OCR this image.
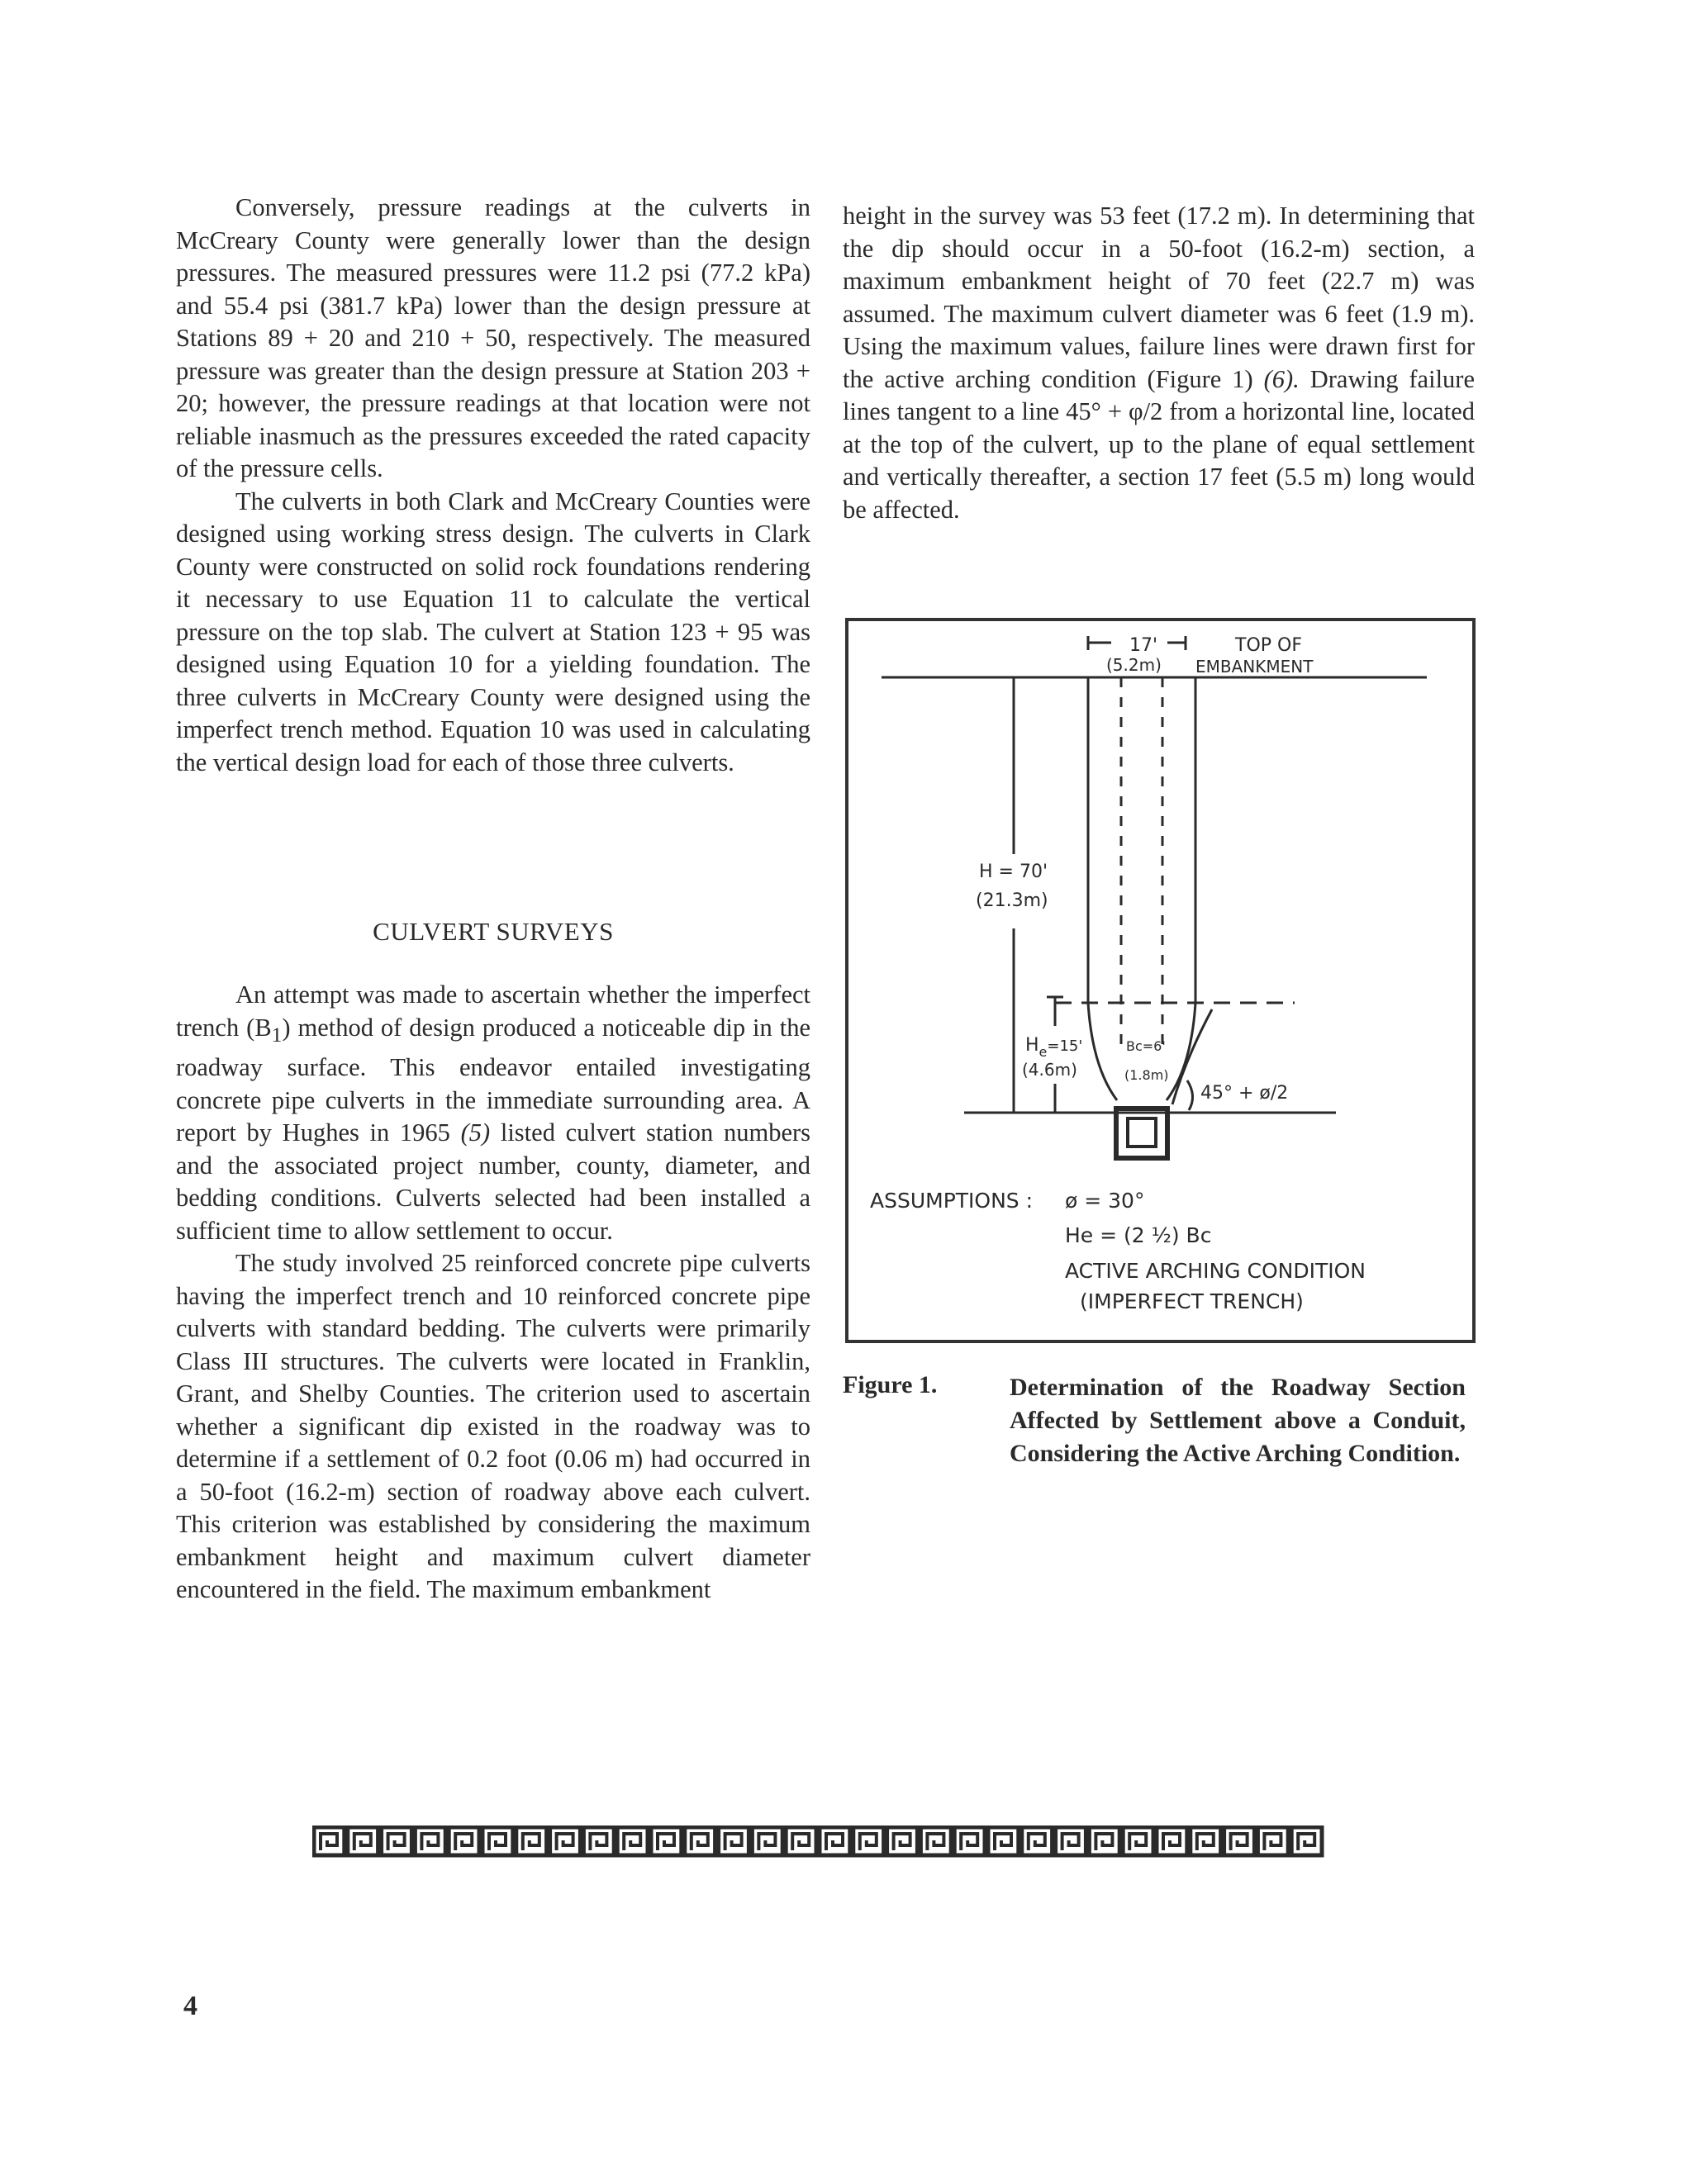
Conversely, pressure readings at the culverts in McCreary County were generally lower than the design pressures. The measured pressures were 11.2 psi (77.2 kPa) and 55.4 psi (381.7 kPa) lower than the design pressure at Stations 89 + 20 and 210 + 50, respectively. The measured pressure was greater than the design pressure at Station 203 + 20; however, the pressure readings at that location were not reliable inasmuch as the pressures exceeded the rated capacity of the pressure cells.

The culverts in both Clark and McCreary Counties were designed using working stress design. The culverts in Clark County were constructed on solid rock foundations rendering it necessary to use Equation 11 to calculate the vertical pressure on the top slab. The culvert at Station 123 + 95 was designed using Equation 10 for a yielding foundation. The three culverts in McCreary County were designed using the imperfect trench method. Equation 10 was used in calculating the vertical design load for each of those three culverts.

CULVERT SURVEYS

An attempt was made to ascertain whether the imperfect trench $(B_1)$ method of design produced a noticeable dip in the roadway surface. This endeavor entailed investigating concrete pipe culverts in the immediate surrounding area. A report by Hughes in 1965 (5) listed culvert station numbers and the associated project number, county, diameter, and bedding conditions. Culverts selected had been installed a sufficient time to allow settlement to occur.

The study involved 25 reinforced concrete pipe culverts having the imperfect trench and 10 reinforced concrete pipe culverts with standard bedding. The culverts were primarily Class III structures. The culverts were located in Franklin, Grant, and Shelby Counties. The criterion used to ascertain whether a significant dip existed in the roadway was to determine if a settlement of 0.2 foot (0.06 m) had occurred in a 50-foot (16.2-m) section of roadway above each culvert. This criterion was established by considering the maximum embankment height and maximum culvert diameter encountered in the field. The maximum embankment

height in the survey was 53 feet (17.2 m). In determining that the dip should occur in a 50-foot (16.2-m) section, a maximum embankment height of 70 feet (22.7 m) was assumed. The maximum culvert diameter was 6 feet (1.9 m). Using the maximum values, failure lines were drawn first for the active arching condition (Figure 1) (6). Drawing failure lines tangent to a line 45° + φ/2 from a horizontal line, located at the top of the culvert, up to the plane of equal settlement and vertically thereafter, a section 17 feet (5.5 m) long would be affected.

17'
(5.2m)
TOP OF
EMBANKMENT
H = 70'
(21.3m)
$H_e^{=15'}$
(4.6m)
Bc=6'
(1.8m)
45° + ø/2
ASSUMPTIONS : ø = 30°
He = (2 ½) Bc
ACTIVE ARCHING CONDITION
(IMPERFECT TRENCH)
Figure 1.	Determination of the Roadway Section Affected by Settlement above a Conduit, Considering the Active Arching Condition.
4
